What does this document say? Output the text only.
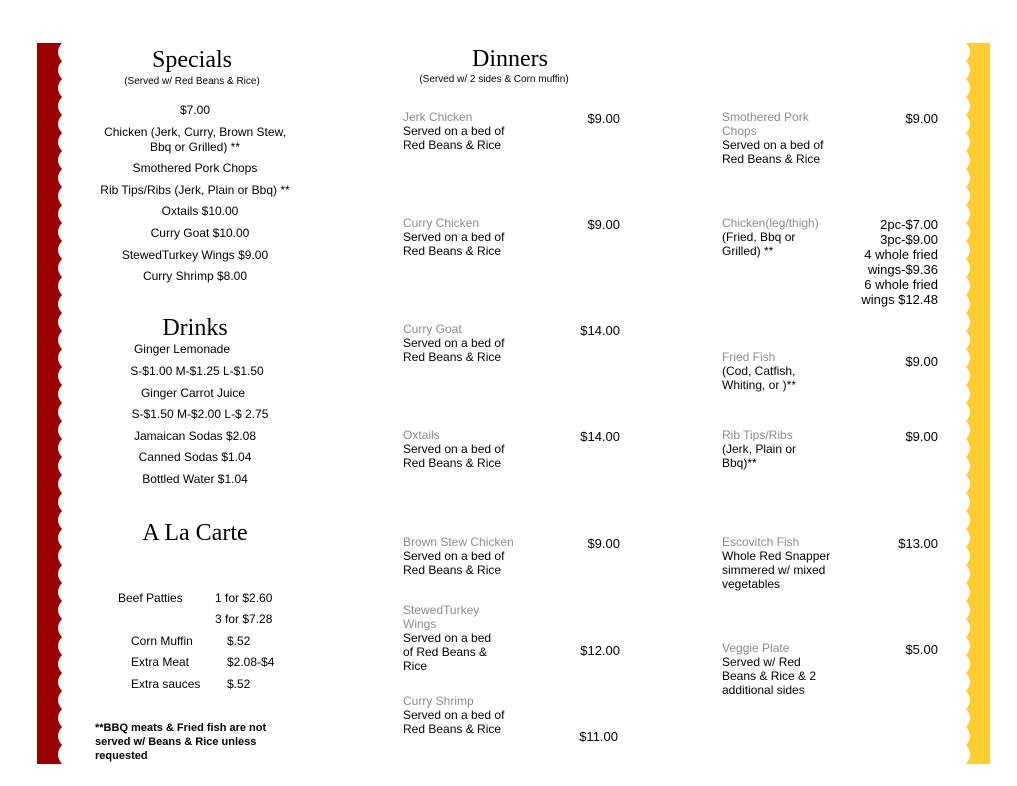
Specials
(Served w/ Red Beans & Rice)
$7.00
Chicken (Jerk, Curry, Brown Stew, Bbq or Grilled) **
Smothered Pork Chops
Rib Tips/Ribs (Jerk, Plain or Bbq) **
Oxtails $10.00
Curry Goat $10.00
StewedTurkey Wings $9.00
Curry Shrimp $8.00
Drinks
Ginger Lemonade
S-$1.00 M-$1.25 L-$1.50
Ginger Carrot Juice
S-$1.50 M-$2.00 L-$ 2.75
Jamaican Sodas $2.08
Canned Sodas $1.04
Bottled Water $1.04
A La Carte
Beef Patties	1 for $2.60
3 for $7.28
Corn Muffin	$.52
Extra Meat	$2.08-$4
Extra sauces $.52
**BBQ meats & Fried fish are not served w/ Beans & Rice unless requested
Dinners
(Served w/ 2 sides & Corn muffin)
Jerk Chicken
Served on a bed of Red Beans & Rice
$9.00
Curry Chicken
Served on a bed of Red Beans & Rice
$9.00
Curry Goat
Served on a bed of Red Beans & Rice
$14.00
Oxtails
Served on a bed of Red Beans & Rice
$14.00
Brown Stew Chicken
Served on a bed of Red Beans & Rice
$9.00
StewedTurkey Wings
Served on a bed of Red Beans & Rice
$12.00
Curry Shrimp
Served on a bed of Red Beans & Rice	$11.00
Smothered Pork Chops
Served on a bed of Red Beans & Rice
$9.00
Chicken(leg/thigh)
(Fried, Bbq or Grilled) **
2pc-$7.00
3pc-$9.00
4 whole fried wings-$9.36
6 whole fried wings $12.48
Fried Fish
(Cod, Catfish, Whiting, or )**
$9.00
Rib Tips/Ribs
(Jerk, Plain or Bbq)**
$9.00
Escovitch Fish
Whole Red Snapper simmered w/ mixed vegetables
$13.00
Veggie Plate
Served w/ Red Beans & Rice & 2 additional sides
$5.00
